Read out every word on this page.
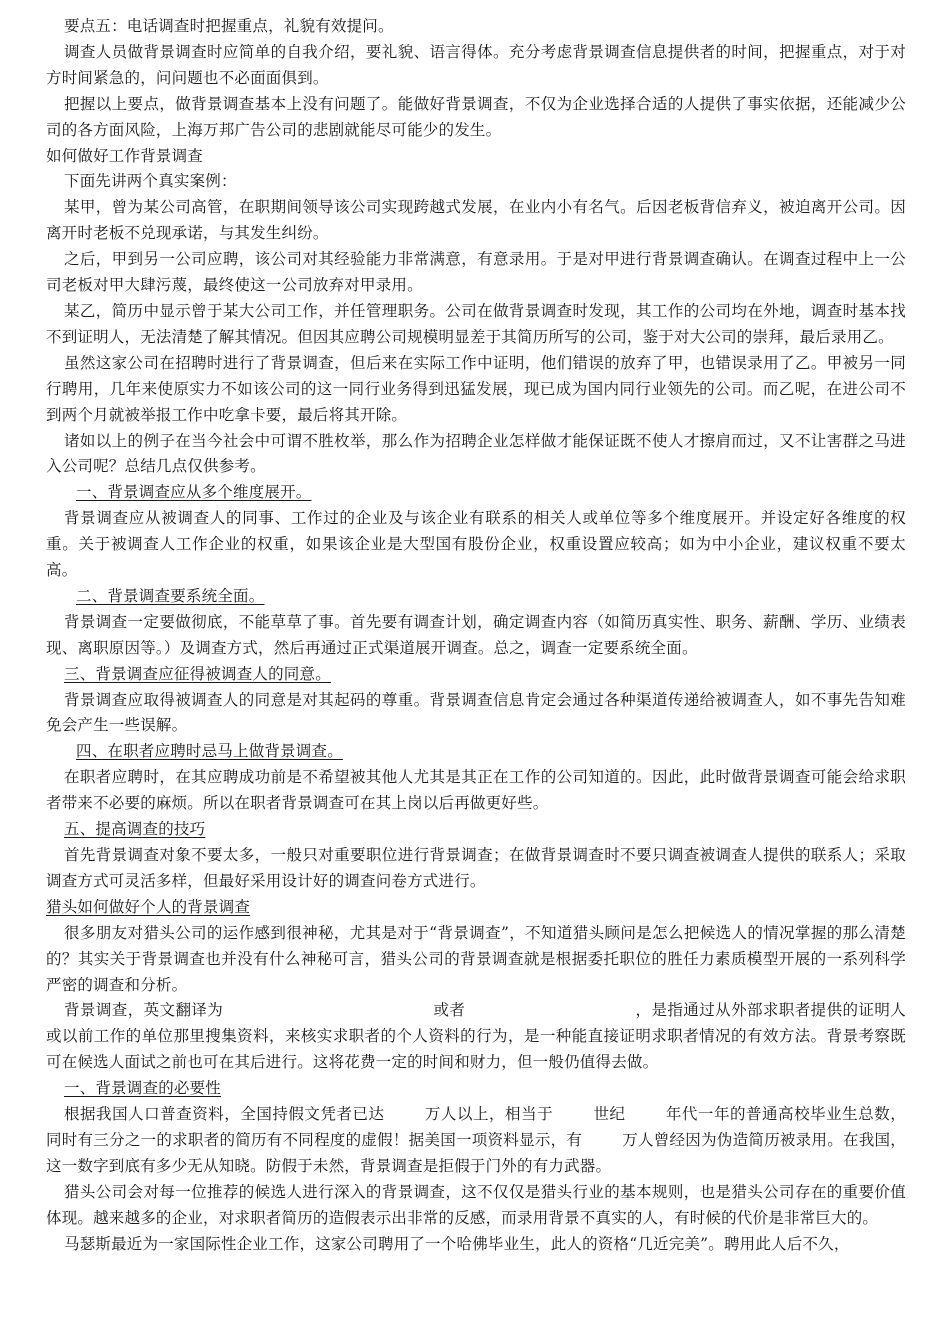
要点五：电话调查时把握重点，礼貌有效提问。

调查人员做背景调查时应简单的自我介绍，要礼貌、语言得体。充分考虑背景调查信息提供者的时间，把握重点，对于对方时间紧急的，问问题也不必面面俱到。

把握以上要点，做背景调查基本上没有问题了。能做好背景调查，不仅为企业选择合适的人提供了事实依据，还能减少公司的各方面风险，上海万邦广告公司的悲剧就能尽可能少的发生。

如何做好工作背景调查

下面先讲两个真实案例：

某甲，曾为某公司高管，在职期间领导该公司实现跨越式发展，在业内小有名气。后因老板背信弃义，被迫离开公司。因离开时老板不兑现承诺，与其发生纠纷。

之后，甲到另一公司应聘，该公司对其经验能力非常满意，有意录用。于是对甲进行背景调查确认。在调查过程中上一公司老板对甲大肆污蔑，最终使这一公司放弃对甲录用。

某乙，简历中显示曾于某大公司工作，并任管理职务。公司在做背景调查时发现，其工作的公司均在外地，调查时基本找不到证明人，无法清楚了解其情况。但因其应聘公司规模明显差于其简历所写的公司，鉴于对大公司的崇拜，最后录用乙。

虽然这家公司在招聘时进行了背景调查，但后来在实际工作中证明，他们错误的放弃了甲，也错误录用了乙。甲被另一同行聘用，几年来使原实力不如该公司的这一同行业务得到迅猛发展，现已成为国内同行业领先的公司。而乙呢，在进公司不到两个月就被举报工作中吃拿卡要，最后将其开除。

诸如以上的例子在当今社会中可谓不胜枚举，那么作为招聘企业怎样做才能保证既不使人才擦肩而过，又不让害群之马进入公司呢？总结几点仅供参考。

一、背景调查应从多个维度展开。

背景调查应从被调查人的同事、工作过的企业及与该企业有联系的相关人或单位等多个维度展开。并设定好各维度的权重。关于被调查人工作企业的权重，如果该企业是大型国有股份企业，权重设置应较高；如为中小企业，建议权重不要太高。

二、背景调查要系统全面。

背景调查一定要做彻底，不能草草了事。首先要有调查计划，确定调查内容（如简历真实性、职务、薪酬、学历、业绩表现、离职原因等。）及调查方式，然后再通过正式渠道展开调查。总之，调查一定要系统全面。

三、背景调查应征得被调查人的同意。

背景调查应取得被调查人的同意是对其起码的尊重。背景调查信息肯定会通过各种渠道传递给被调查人，如不事先告知难免会产生一些误解。

四、在职者应聘时忌马上做背景调查。

在职者应聘时，在其应聘成功前是不希望被其他人尤其是其正在工作的公司知道的。因此，此时做背景调查可能会给求职者带来不必要的麻烦。所以在职者背景调查可在其上岗以后再做更好些。

五、提高调查的技巧

首先背景调查对象不要太多，一般只对重要职位进行背景调查；在做背景调查时不要只调查被调查人提供的联系人；采取调查方式可灵活多样，但最好采用设计好的调查问卷方式进行。

猎头如何做好个人的背景调查

很多朋友对猎头公司的运作感到很神秘，尤其是对于“背景调查”，不知道猎头顾问是怎么把候选人的情况掌握的那么清楚的？其实关于背景调查也并没有什么神秘可言，猎头公司的背景调查就是根据委托职位的胜任力素质模型开展的一系列科学严密的调查和分析。

背景调查，英文翻译为	或者	，是指通过从外部求职者提供的证明人或以前工作的单位那里搜集资料，来核实求职者的个人资料的行为，是一种能直接证明求职者情况的有效方法。背景考察既可在候选人面试之前也可在其后进行。这将花费一定的时间和财力，但一般仍值得去做。

一、背景调查的必要性

根据我国人口普查资料，全国持假文凭者已达	万人以上，相当于	世纪	年代一年的普通高校毕业生总数，同时有三分之一的求职者的简历有不同程度的虚假！据美国一项资料显示，有	万人曾经因为伪造简历被录用。在我国，这一数字到底有多少无从知晓。防假于未然，背景调查是拒假于门外的有力武器。

猎头公司会对每一位推荐的候选人进行深入的背景调查，这不仅仅是猎头行业的基本规则，也是猎头公司存在的重要价值体现。越来越多的企业，对求职者简历的造假表示出非常的反感，而录用背景不真实的人，有时候的代价是非常巨大的。

马瑟斯最近为一家国际性企业工作，这家公司聘用了一个哈佛毕业生，此人的资格“几近完美”。聘用此人后不久，
